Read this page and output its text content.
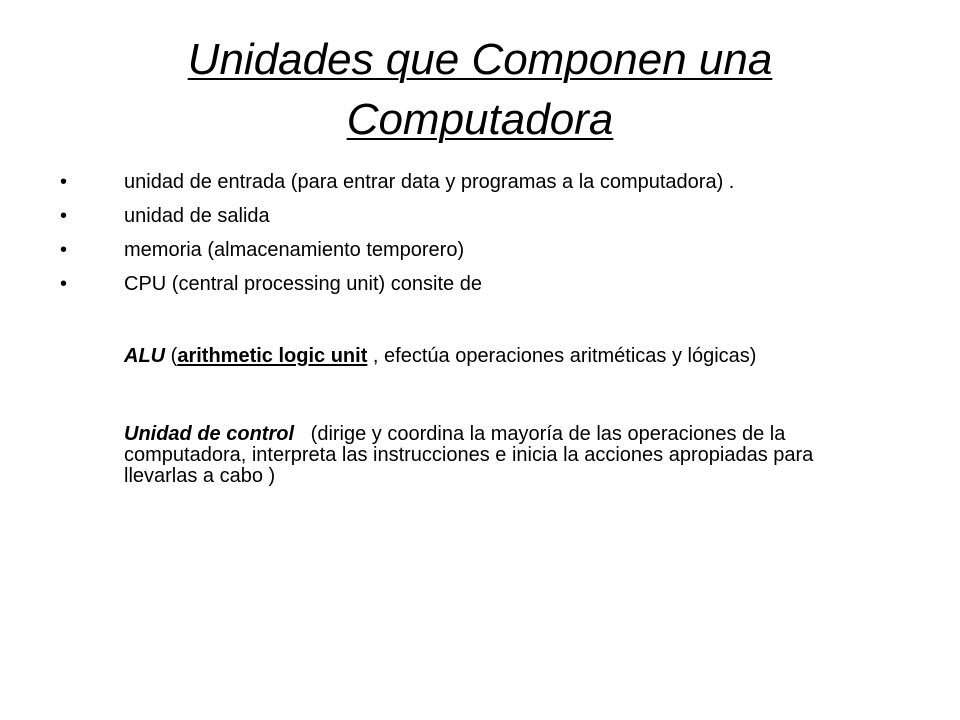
Unidades que Componen una
Computadora
•	unidad de entrada (para entrar data y programas a la computadora) .
•	unidad de salida
•	memoria (almacenamiento temporero)
•	CPU (central processing unit) consite de

ALU (arithmetic logic unit , efectúa operaciones aritméticas y lógicas)

Unidad de control   (dirige y coordina la mayoría de las operaciones de la computadora, interpreta las instrucciones e inicia la acciones apropiadas para llevarlas a cabo )
